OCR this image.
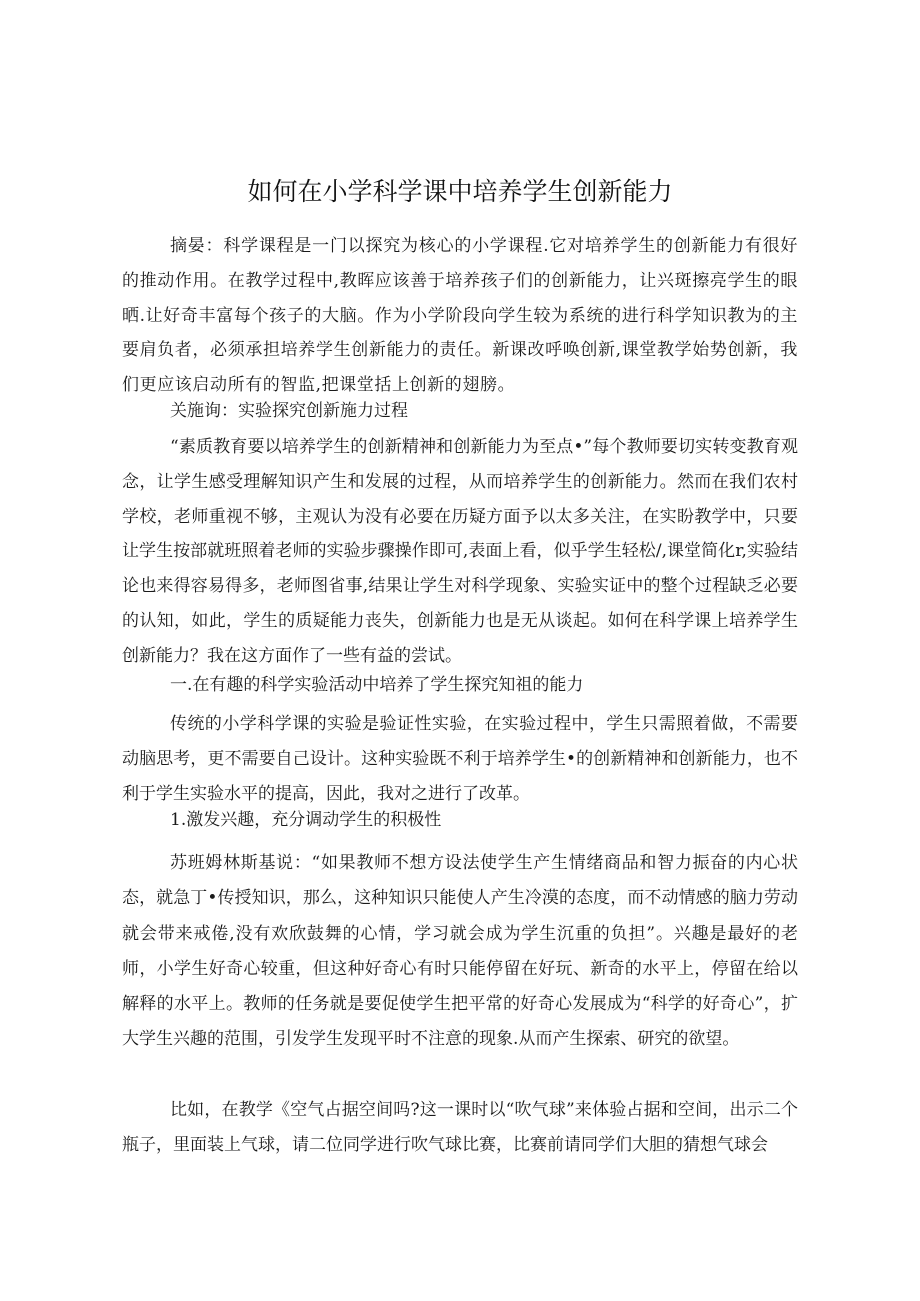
如何在小学科学课中培养学生创新能力

摘晏：科学课程是一门以探究为核心的小学课程.它对培养学生的创新能力有很好的推动作用。在教学过程中,教晖应该善于培养孩子们的创新能力，让兴斑擦亮学生的眼晒.让好奇丰富每个孩子的大脑。作为小学阶段向学生较为系统的进行科学知识教为的主要肩负者，必须承担培养学生创新能力的责任。新课改呼唤创新,课堂教学始势创新，我们更应该启动所有的智监,把课堂括上创新的翅膀。

关施询：实验探究创新施力过程

“素质教育要以培养学生的创新精神和创新能力为至点•”每个教师要切实转变教育观念，让学生感受理解知识产生和发展的过程，从而培养学生的创新能力。然而在我们农村学校，老师重视不够，主观认为没有必要在历疑方面予以太多关注，在实盼教学中，只要让学生按部就班照着老师的实验步骤操作即可,表面上看，似乎学生轻松/,课堂简化r,实验结论也来得容易得多，老师图省事,结果让学生对科学现象、实验实证中的整个过程缺乏必要的认知，如此，学生的质疑能力丧失，创新能力也是无从谈起。如何在科学课上培养学生创新能力？我在这方面作了一些有益的尝试。

一.在有趣的科学实验活动中培养了学生探究知祖的能力

传统的小学科学课的实验是验证性实验，在实验过程中，学生只需照着做，不需要动脑思考，更不需要自己设计。这种实验既不利于培养学生•的创新精神和创新能力，也不利于学生实验水平的提高，因此，我对之进行了改革。

1.激发兴趣，充分调动学生的积极性

苏班姆林斯基说：“如果教师不想方设法使学生产生情绪商品和智力振奋的内心状态，就急丁•传授知识，那么，这种知识只能使人产生冷漠的态度，而不动情感的脑力劳动就会带来戒倦,没有欢欣鼓舞的心情，学习就会成为学生沉重的负担”。兴趣是最好的老师，小学生好奇心较重，但这种好奇心有时只能停留在好玩、新奇的水平上，停留在给以解释的水平上。教师的任务就是要促使学生把平常的好奇心发展成为“科学的好奇心”，扩大学生兴趣的范围，引发学生发现平时不注意的现象.从而产生探索、研究的欲望。

比如，在教学《空气占据空间吗?这一课时以“吹气球”来体验占据和空间，出示二个瓶子，里面装上气球，请二位同学进行吹气球比赛，比赛前请同学们大胆的猜想气球会
